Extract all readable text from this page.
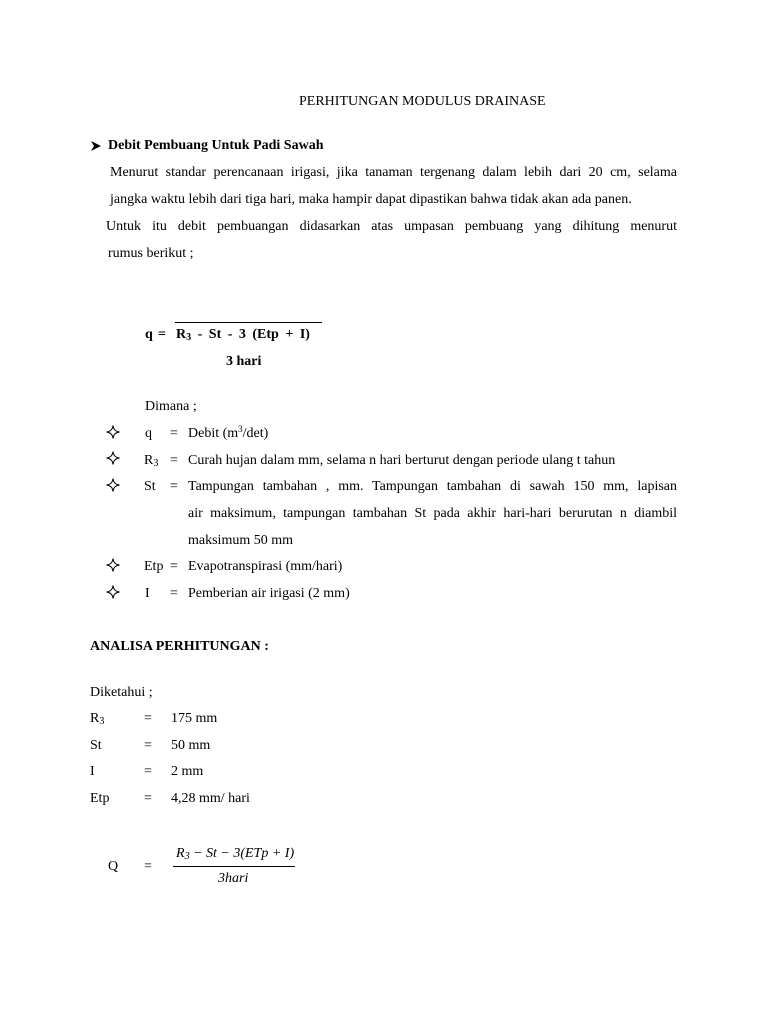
PERHITUNGAN MODULUS DRAINASE
Debit Pembuang Untuk Padi Sawah
Menurut standar perencanaan irigasi, jika tanaman tergenang dalam lebih dari 20 cm, selama
jangka waktu lebih dari tiga hari, maka hampir dapat dipastikan bahwa tidak akan ada panen.
Untuk itu debit pembuangan didasarkan atas umpasan pembuang yang dihitung menurut
rumus berikut ;
$q = R_3 - St - 3$ (Etp + I)
3 hari
Dimana ;
q = Debit $(m^3/\det)$
$R_3$ = Curah hujan dalam mm, selama n hari berturut dengan periode ulang t tahun
St = Tampungan tambahan , mm. Tampungan tambahan di sawah 150 mm, lapisan
air maksimum, tampungan tambahan St pada akhir hari-hari berurutan n diambil
maksimum 50 mm
Etp = Evapotranspirasi (mm/hari)
I = Pemberian air irigasi (2 mm)
ANALISA PERHITUNGAN :
Diketahui ;
$R_3$	= 175 mm
St	= 50 mm
I	= 2 mm
Etp = 4,28 mm/ hari
Q =
$R_3 - St - 3(ETp + I)$
3hari
